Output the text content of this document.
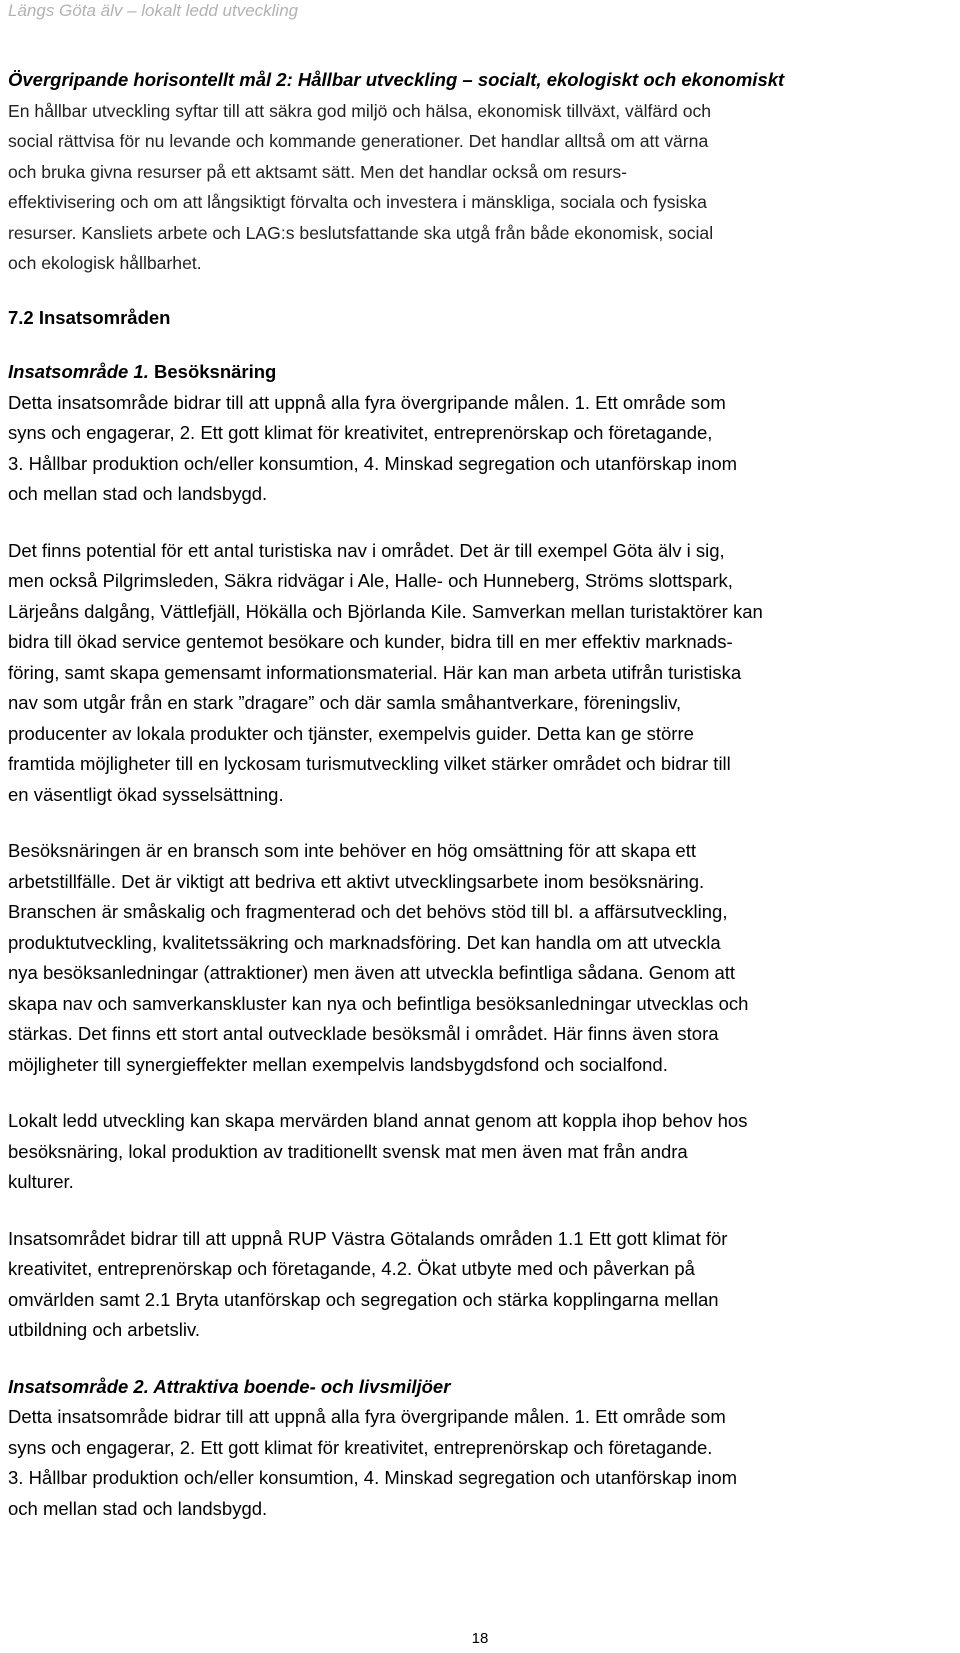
Längs Göta älv – lokalt ledd utveckling
Övergripande horisontellt mål 2: Hållbar utveckling – socialt, ekologiskt och ekonomiskt
En hållbar utveckling syftar till att säkra god miljö och hälsa, ekonomisk tillväxt, välfärd och
social rättvisa för nu levande och kommande generationer. Det handlar alltså om att värna
och bruka givna resurser på ett aktsamt sätt. Men det handlar också om resurs-
effektivisering och om att långsiktigt förvalta och investera i mänskliga, sociala och fysiska
resurser. Kansliets arbete och LAG:s beslutsfattande ska utgå från både ekonomisk, social
och ekologisk hållbarhet.
7.2 Insatsområden
Insatsområde 1. Besöksnäring
Detta insatsområde bidrar till att uppnå alla fyra övergripande målen. 1. Ett område som
syns och engagerar, 2. Ett gott klimat för kreativitet, entreprenörskap och företagande,
3. Hållbar produktion och/eller konsumtion, 4. Minskad segregation och utanförskap inom
och mellan stad och landsbygd.
Det finns potential för ett antal turistiska nav i området. Det är till exempel Göta älv i sig,
men också Pilgrimsleden, Säkra ridvägar i Ale, Halle- och Hunneberg, Ströms slottspark,
Lärjeåns dalgång, Vättlefjäll, Hökälla och Björlanda Kile. Samverkan mellan turistaktörer kan
bidra till ökad service gentemot besökare och kunder, bidra till en mer effektiv marknads-
föring, samt skapa gemensamt informationsmaterial. Här kan man arbeta utifrån turistiska
nav som utgår från en stark ”dragare” och där samla småhantverkare, föreningsliv,
producenter av lokala produkter och tjänster, exempelvis guider. Detta kan ge större
framtida möjligheter till en lyckosam turismutveckling vilket stärker området och bidrar till
en väsentligt ökad sysselsättning.
Besöksnäringen är en bransch som inte behöver en hög omsättning för att skapa ett
arbetstillfälle. Det är viktigt att bedriva ett aktivt utvecklingsarbete inom besöksnäring.
Branschen är småskalig och fragmenterad och det behövs stöd till bl. a affärsutveckling,
produktutveckling, kvalitetssäkring och marknadsföring. Det kan handla om att utveckla
nya besöksanledningar (attraktioner) men även att utveckla befintliga sådana. Genom att
skapa nav och samverkanskluster kan nya och befintliga besöksanledningar utvecklas och
stärkas. Det finns ett stort antal outvecklade besöksmål i området. Här finns även stora
möjligheter till synergieffekter mellan exempelvis landsbygdsfond och socialfond.
Lokalt ledd utveckling kan skapa mervärden bland annat genom att koppla ihop behov hos
besöksnäring, lokal produktion av traditionellt svensk mat men även mat från andra
kulturer.
Insatsområdet bidrar till att uppnå RUP Västra Götalands områden 1.1 Ett gott klimat för
kreativitet, entreprenörskap och företagande, 4.2. Ökat utbyte med och påverkan på
omvärlden samt 2.1 Bryta utanförskap och segregation och stärka kopplingarna mellan
utbildning och arbetsliv.
Insatsområde 2. Attraktiva boende- och livsmiljöer
Detta insatsområde bidrar till att uppnå alla fyra övergripande målen. 1. Ett område som
syns och engagerar, 2. Ett gott klimat för kreativitet, entreprenörskap och företagande.
3. Hållbar produktion och/eller konsumtion, 4. Minskad segregation och utanförskap inom
och mellan stad och landsbygd.
18
